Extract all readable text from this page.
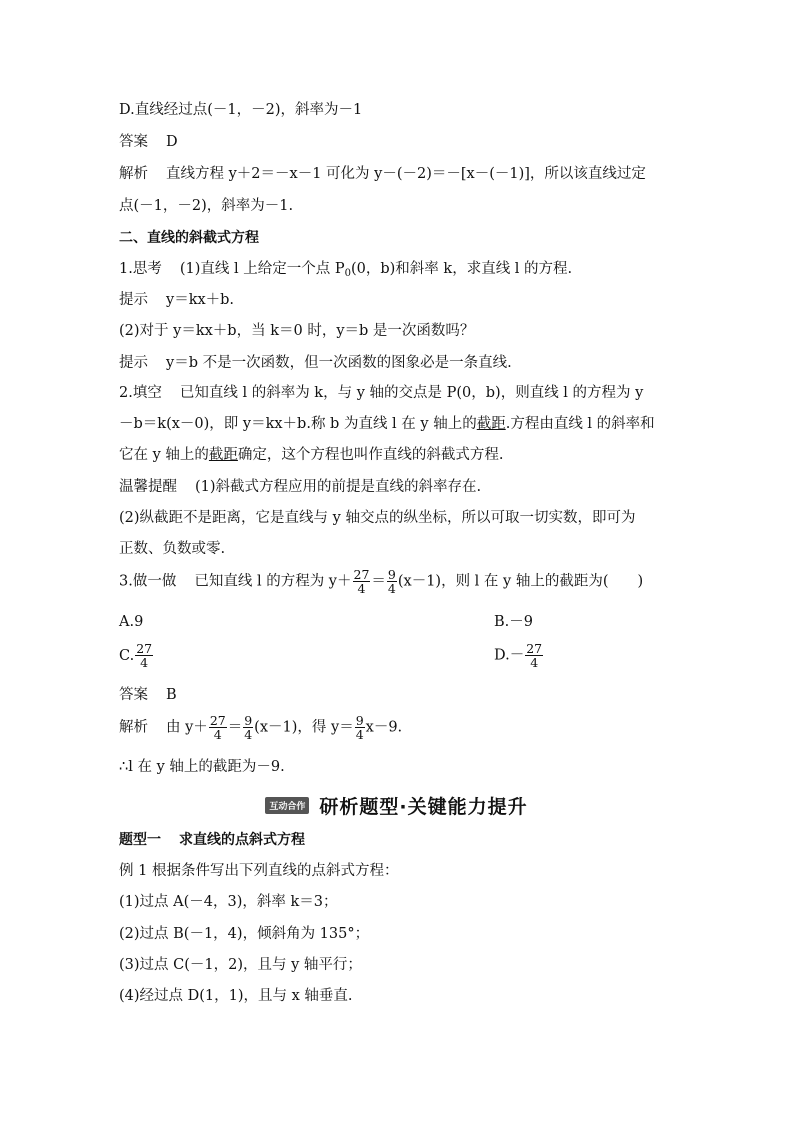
D.直线经过点(－1，－2)，斜率为－1
答案 D
解析 直线方程 y＋2＝－x－1 可化为 y－(－2)＝－[x－(－1)]，所以该直线过定
点(－1，－2)，斜率为－1.
二、直线的斜截式方程
1.思考 (1)直线 l 上给定一个点 $P_0(0$，b)和斜率 k，求直线 l 的方程.
提示 y＝kx＋b.
(2)对于 y＝kx＋b，当 k＝0 时，y＝b 是一次函数吗？
提示 y＝b 不是一次函数，但一次函数的图象必是一条直线.
2.填空 已知直线 l 的斜率为 k，与 y 轴的交点是 P(0，b)，则直线 l 的方程为 y
－b＝k(x－0)，即 y＝kx＋b.称 b 为直线 l 在 y 轴上的截距.方程由直线 l 的斜率和
它在 y 轴上的截距确定，这个方程也叫作直线的斜截式方程.
温馨提醒 (1)斜截式方程应用的前提是直线的斜率存在.
(2)纵截距不是距离，它是直线与 y 轴交点的纵坐标，所以可取一切实数，即可为
正数、负数或零.
3.做一做 已知直线 l 的方程为 $y+ \frac{27}{4} = \frac{9}{4} (x-1)$，则 l 在 y 轴上的截距为(　　)
A.9	B.－9
C. $\frac{27}{4}$	$D.- \frac{27}{4}$
答案 B
解析 由 $y+ \frac{27}{4} = \frac{9}{4} (x-1)$，得 $y= \frac{9}{4} x-9$.
∴l 在 y 轴上的截距为－9.
互动合作 研析题型·关键能力提升
题型一 求直线的点斜式方程
例 1 根据条件写出下列直线的点斜式方程：
(1)过点 A(－4，3)，斜率 k＝3；
(2)过点 B(－1，4)，倾斜角为 135°；
(3)过点 C(－1，2)，且与 y 轴平行；
(4)经过点 D(1，1)，且与 x 轴垂直.
